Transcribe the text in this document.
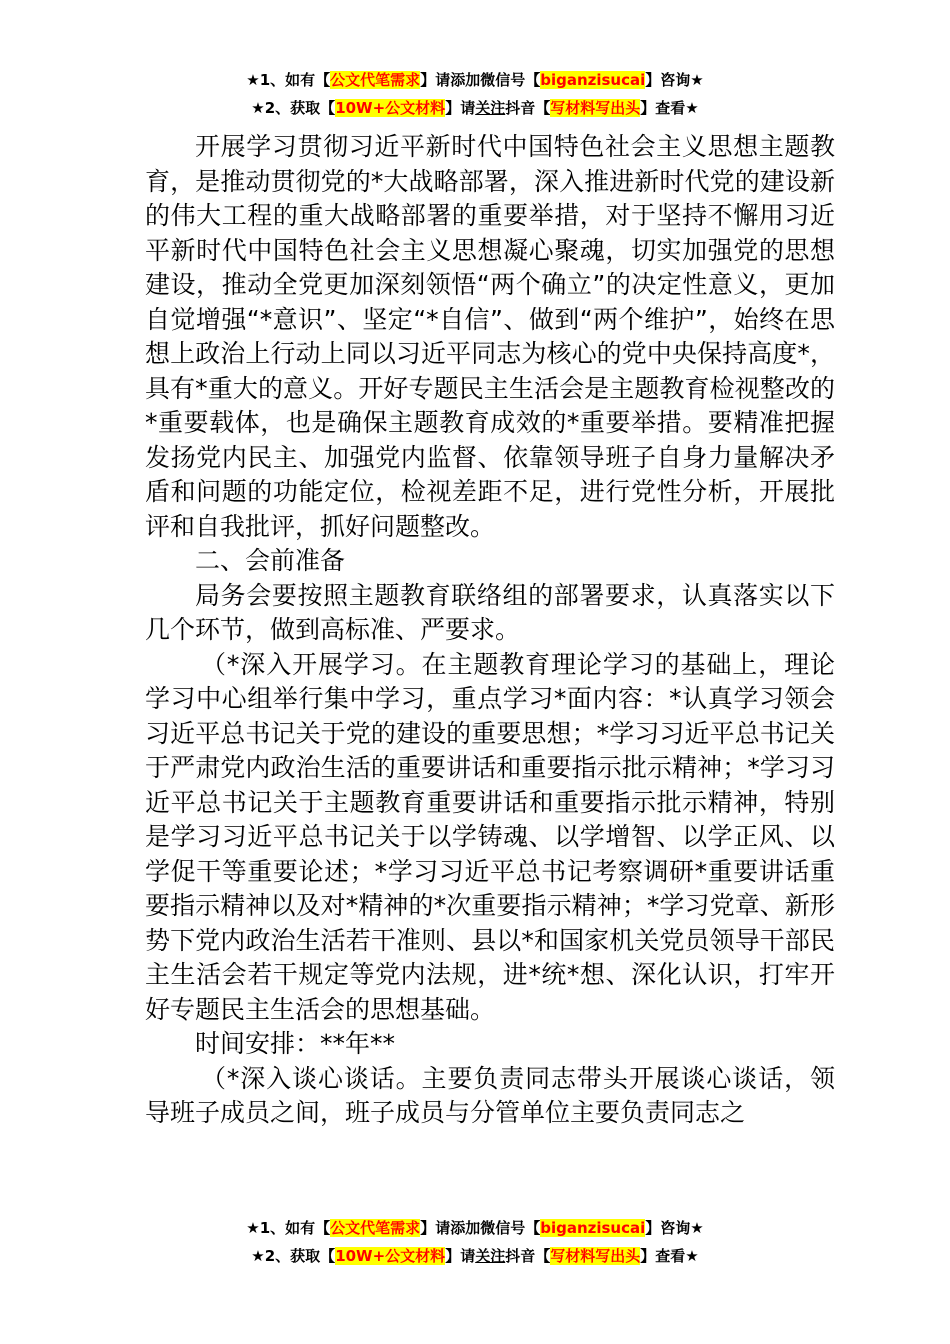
★1、如有【公文代笔需求】请添加微信号【biganzisucai】咨询★
★2、获取【10W+公文材料】请关注抖音【写材料写出头】查看★

开展学习贯彻习近平新时代中国特色社会主义思想主题教育，是推动贯彻党的*大战略部署，深入推进新时代党的建设新的伟大工程的重大战略部署的重要举措，对于坚持不懈用习近平新时代中国特色社会主义思想凝心聚魂，切实加强党的思想建设，推动全党更加深刻领悟“两个确立”的决定性意义，更加自觉增强“*意识”、坚定“*自信”、做到“两个维护”，始终在思想上政治上行动上同以习近平同志为核心的党中央保持高度*，具有*重大的意义。开好专题民主生活会是主题教育检视整改的*重要载体，也是确保主题教育成效的*重要举措。要精准把握发扬党内民主、加强党内监督、依靠领导班子自身力量解决矛盾和问题的功能定位，检视差距不足，进行党性分析，开展批评和自我批评，抓好问题整改。

二、会前准备

局务会要按照主题教育联络组的部署要求，认真落实以下几个环节，做到高标准、严要求。

（*深入开展学习。在主题教育理论学习的基础上，理论学习中心组举行集中学习，重点学习*面内容：*认真学习领会习近平总书记关于党的建设的重要思想；*学习习近平总书记关于严肃党内政治生活的重要讲话和重要指示批示精神；*学习习近平总书记关于主题教育重要讲话和重要指示批示精神，特别是学习习近平总书记关于以学铸魂、以学增智、以学正风、以学促干等重要论述；*学习习近平总书记考察调研*重要讲话重要指示精神以及对*精神的*次重要指示精神；*学习党章、新形势下党内政治生活若干准则、县以*和国家机关党员领导干部民主生活会若干规定等党内法规，进*统*想、深化认识，打牢开好专题民主生活会的思想基础。

时间安排：**年**

（*深入谈心谈话。主要负责同志带头开展谈心谈话，领导班子成员之间，班子成员与分管单位主要负责同志之

★1、如有【公文代笔需求】请添加微信号【biganzisucai】咨询★
★2、获取【10W+公文材料】请关注抖音【写材料写出头】查看★
